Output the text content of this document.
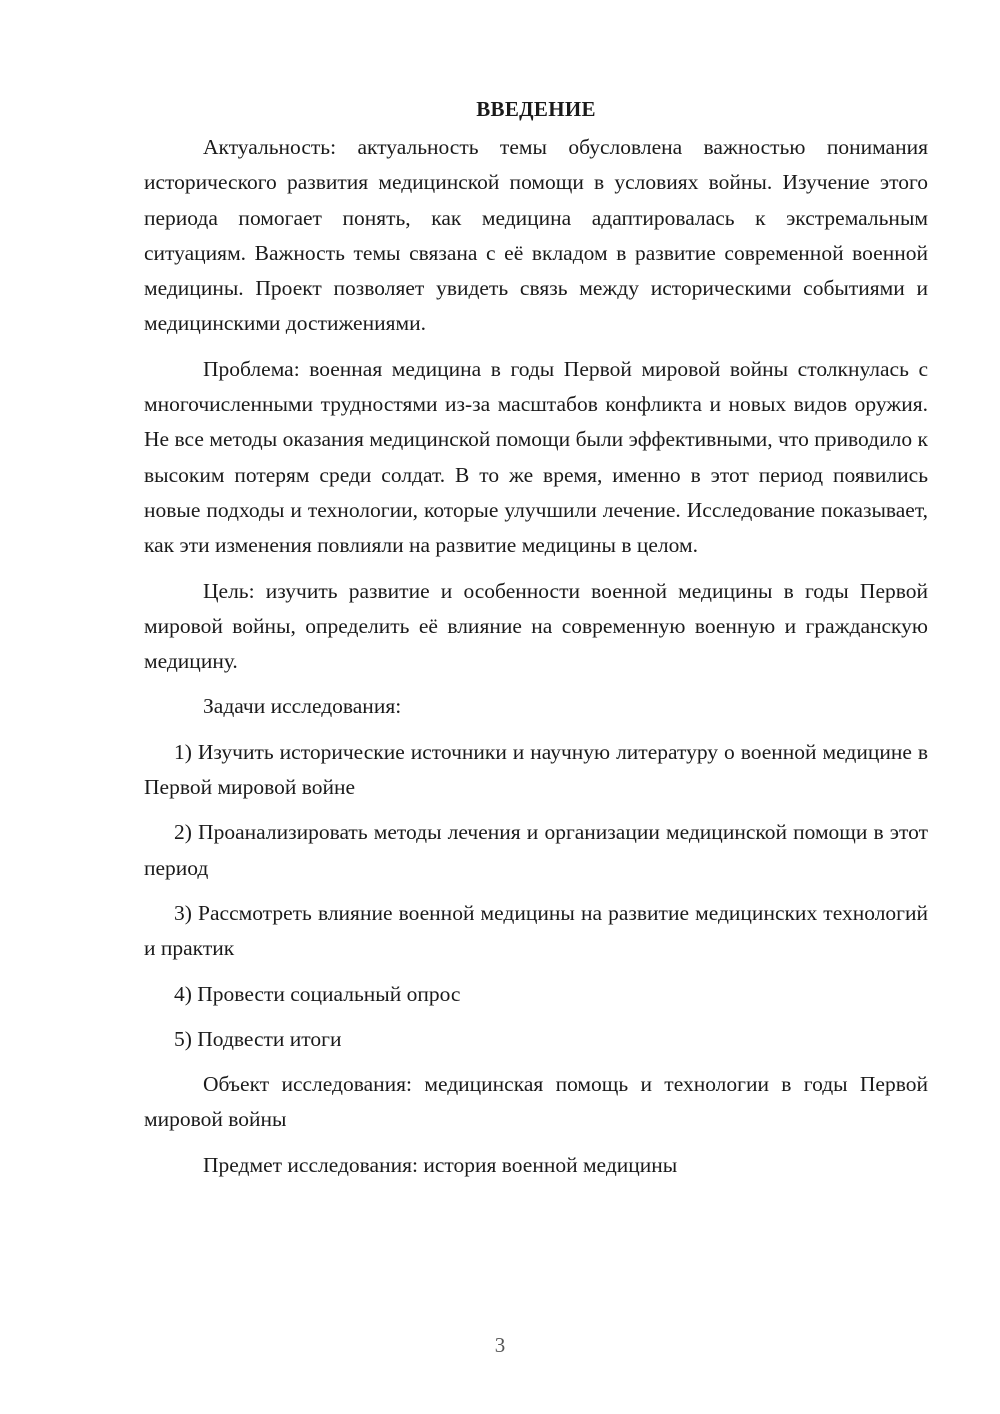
ВВЕДЕНИЕ

Актуальность: актуальность темы обусловлена важностью понимания исторического развития медицинской помощи в условиях войны. Изучение этого периода помогает понять, как медицина адаптировалась к экстремальным ситуациям. Важность темы связана с её вкладом в развитие современной военной медицины. Проект позволяет увидеть связь между историческими событиями и медицинскими достижениями.

Проблема: военная медицина в годы Первой мировой войны столкнулась с многочисленными трудностями из-за масштабов конфликта и новых видов оружия. Не все методы оказания медицинской помощи были эффективными, что приводило к высоким потерям среди солдат. В то же время, именно в этот период появились новые подходы и технологии, которые улучшили лечение. Исследование показывает, как эти изменения повлияли на развитие медицины в целом.

Цель: изучить развитие и особенности военной медицины в годы Первой мировой войны, определить её влияние на современную военную и гражданскую медицину.

Задачи исследования:

1) Изучить исторические источники и научную литературу о военной медицине в Первой мировой войне

2) Проанализировать методы лечения и организации медицинской помощи в этот период

3) Рассмотреть влияние военной медицины на развитие медицинских технологий и практик

4) Провести социальный опрос

5) Подвести итоги

Объект исследования: медицинская помощь и технологии в годы Первой мировой войны

Предмет исследования: история военной медицины

3
